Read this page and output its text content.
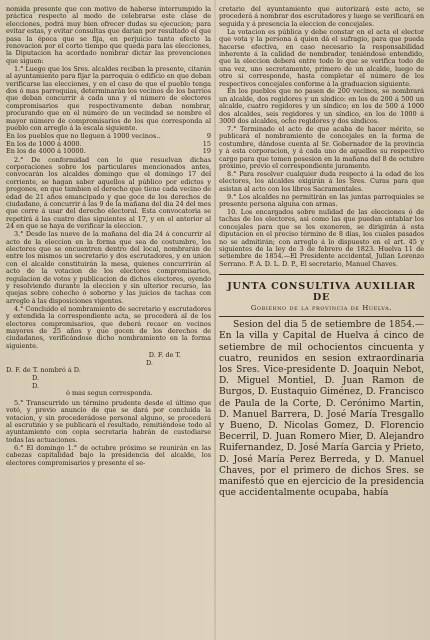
nomida presente que con motivo de haberse interrumpido la práctica respecto al modo de celebrarse este clase de elecciones, podrá muy bien ofrecer dudas su ejecucion; para evitar estas, y evitar consultas que darian por resultado el que pasa la época que se fija, en perjuicio tanto efecto la renovacion por el corto tiempo que queda para las elecciones, la Diputacion ha acordado nombrar dictar las prevenciones que siguen:

1.° Luego que los Sres. alcaldes reciban la presente, citarán al ayuntamiento para fijar la parroquia ó edificio en que deban verificarse las elecciones, y en el caso de que el pueblo tenga dos ó mas parroquias, determinarán los vecinos de los barrios que deban concurrir á cada una y el número de electores compromisarios que respectivamente deban nombrar, procurando que en el número de un vecindad se nombre el mayor número de compromisarios de los que corresponda al pueblo con arreglo á la escala siguiente.

En los pueblos que no lleguen á 1000 vecinos..	9
En los de 1000 á 4000.	15
En los de 4000 á 10000.	19

2.° De conformidad con lo que resuelvan dichas corporaciones sobre los particulares mencionados antes, convocarán los alcaldes domingo que el domingo 17 del corriente, se hagan saber aquellos al público por edictos y pregones, en que tambien el derecho que tiene cada vecino de edad de 21 años emancipado y que goce de los derechos de ciudadano, á concurrir á las 9 de la mañana del dia 24 del mes que corre á usar del derecho electoral. Esta convocatoria se repetirá á las cuatro días siguientes al 17, y en el anterior al 24 en que se haya de verificar la eleccion.

3.° Desde las nueve de la mañana del dia 24 á concurrir al acto de la eleccion en la forma que sea de costumbre, los electores que se encuentren dentro del local, nombrarán de entre los mismos un secretario y dos escrutadores, y en union con el alcalde constituirán la mesa, quienes concurrirán al acto de la votacion de los electores compromisarios, regulacion de votos y publicacion de dichos electores, oyendo y resolviendo durante la eleccion y sin ulterior recurso, las quejas sobre cohecho ó soborno y las juicios de tachas con arreglo á las disposiciones vigentes.

4.° Concluido el nombramiento de secretario y escrutadores y extendida la correspondiente acta, se procederá al de los electores compromisarios, que deberá recaer en vecinos mayores de 25 años y que gocen de los derechos de ciudadanos, verificándose dicho nombramiento en la forma siguiente.

D. F. de T.
D.
D. F. de T. nombró á D.
D.
D.
ó mas segun corresponda.

5.° Transcurrido un término prudente desde el último que votó, y previo anuncio de que se dará por concluida la votacion, y sin procederádose personal alguno, se procederá al escrutinio y se publicará el resultado, remitiéndose todo al ayuntamiento con copia secretaria habrán de custodiarse todas las actuaciones.

6.° El domingo 1.° de octubre próximo se reunirán en las cabezas capitalidad bajo la presidencia del alcalde, los electores compromisarios y presente el se-

cretario del ayuntamiento que autorizará este acto, se procederá á nombrar dos escrutadores y luego se verificará en seguida y á presencia la eleccion de concejales.

La votacion es pública y debe constar en el acta el elector que vota y la persona á quien dá el sufragio, para que pueda hacerse efectiva, en caso necesario la responsabilidad inherente á la calidad de nombrador, teniéndose entendido, que la eleccion deberá entre todo lo que se verifica todo de una vez, uno secretamente, primero de un alcalde, luego de otro si corresponde, hasta completar el número de los respectivos concejales conforme á la graduacion siguiente.

En los pueblos que no pasen de 200 vecinos, se nombrará un alcalde, dos regidores y un síndico: en los de 200 á 500 un alcalde, cuatro regidores y un síndico; en los de 500 á 1000 dos alcaldes, seis regidores y un síndico, en los de 1000 á 3000 dos alcaldes, ocho regidores y dos síndicos.

7.° Terminado el acto de que acaba de hacer mérito, se publicará el nombramiento de concejales en la forma de costumbre, dándose cuenta al Sr. Gobernador de la provincia y á esta corporacion, y á cada uno de aquellos su respectivo cargo para que tomen posesion en la mañana del 8 de octubre próximo, previo el correspondiente juramento.

8.° Para resolver cualquier duda respecto á la edad de los electores, los alcaldes exigirán á los Sres. Curas para que asistan al acto con los libros Sacramentales.

9.° Los alcaldes no permitirán en las juntas parroquiales se presente persona alguna con armas.

10. Los encargados sobre nulidad de las elecciones ó de tachas de los electores, asi como las que puedan entablar los concejales para que se les exoneren, se dirigirán á esta diputacion en el preciso término de 8 dias, los cuales pasados no se admitirán; con arreglo á lo dispuesto en el art. 45 y siguientes de la ley de 3 de febrero de 1823. Huelva 11 de setiembre de 1854.—El Presidente accidental, Julian Lorenzo Serrano. P. A. D. L. D. P., El secretario, Manuel Chaves.

JUNTA CONSULTIVA AUXILIAR DE
Gobierno de la provincia de Huelva.

Sesion del dia 5 de setiembre de 1854.— En la villa y Capital de Huelva á cinco de setiembre de mil ochocientos cincuenta y cuatro, reunidos en sesion extraordinaria los Sres. Vice-presidente D. Joaquin Nebot, D. Miguel Montiel, D. Juan Ramon de Burgos, D. Eustaquio Giménez, D. Francisco de Paula de la Corte, D. Cerónimo Martin, D. Manuel Barrera, D. José María Tresgallo y Bueno, D. Nicolas Gomez, D. Florencio Becerril, D. Juan Romero Mier, D. Alejandro Ruifernandez, D. José María Garcia y Prieto, D. José María Perez Berreda, y D. Manuel Chaves, por el primero de dichos Sres. se manifestó que en ejercicio de la presidencia que accidentalmente ocupaba, había
